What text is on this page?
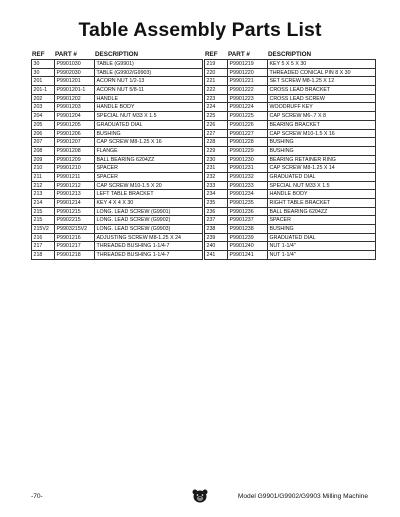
Table Assembly Parts List
REF	PART #	DESCRIPTION
30	P9901030	TABLE (G9901)
30	P9902030	TABLE (G9902/G9903)
201	P9901201	ACORN NUT 1/2-13
201-1	P9901201-1	ACORN NUT 5/8-11
202	P9901202	HANDLE
203	P9901203	HANDLE BODY
204	P9901204	SPECIAL NUT M33 X 1.5
205	P9901205	GRADUATED DIAL
206	P9901206	BUSHING
207	P9901207	CAP SCREW M8-1.25 X 16
208	P9901208	FLANGE
209	P9901209	BALL BEARING 6204ZZ
210	P9901210	SPACER
211	P9901211	SPACER
212	P9901212	CAP SCREW M10-1.5 X 20
213	P9901213	LEFT TABLE BRACKET
214	P9901214	KEY 4 X 4 X 30
215	P9901215	LONG. LEAD SCREW (G9901)
215	P9902215	LONG. LEAD SCREW (G9902)
215V2	P9903215V2	LONG. LEAD SCREW (G9903)
216	P9901216	ADJUSTING SCREW M8-1.25 X 24
217	P9901217	THREADED BUSHING 1-1/4-7
218	P9901218	THREADED BUSHING 1-1/4-7
REF	PART #	DESCRIPTION
219	P9901219	KEY 5 X 5 X 30
220	P9901220	THREADED CONICAL PIN 8 X 30
221	P9901221	SET SCREW M8-1.25 X 12
222	P9901222	CROSS LEAD BRACKET
223	P9901223	CROSS LEAD SCREW
224	P9901224	WOODRUFF KEY
225	P9901225	CAP SCREW M6-.7 X 8
226	P9901226	BEARING BRACKET
227	P9901227	CAP SCREW M10-1.5 X 16
228	P9901228	BUSHING
229	P9901229	BUSHING
230	P9901230	BEARING RETAINER RING
231	P9901231	CAP SCREW M8-1.25 X 14
232	P9901232	GRADUATED DIAL
233	P9901233	SPECIAL NUT M33 X 1.5
234	P9901234	HANDLE BODY
235	P9901235	RIGHT TABLE BRACKET
236	P9901236	BALL BEARING 6204ZZ
237	P9901237	SPACER
238	P9901238	BUSHING
239	P9901239	GRADUATED DIAL
240	P9901240	NUT 1-1/4"
241	P9901241	NUT 1-1/4"
-70-	Model G9901/G9902/G9903 Milling Machine
